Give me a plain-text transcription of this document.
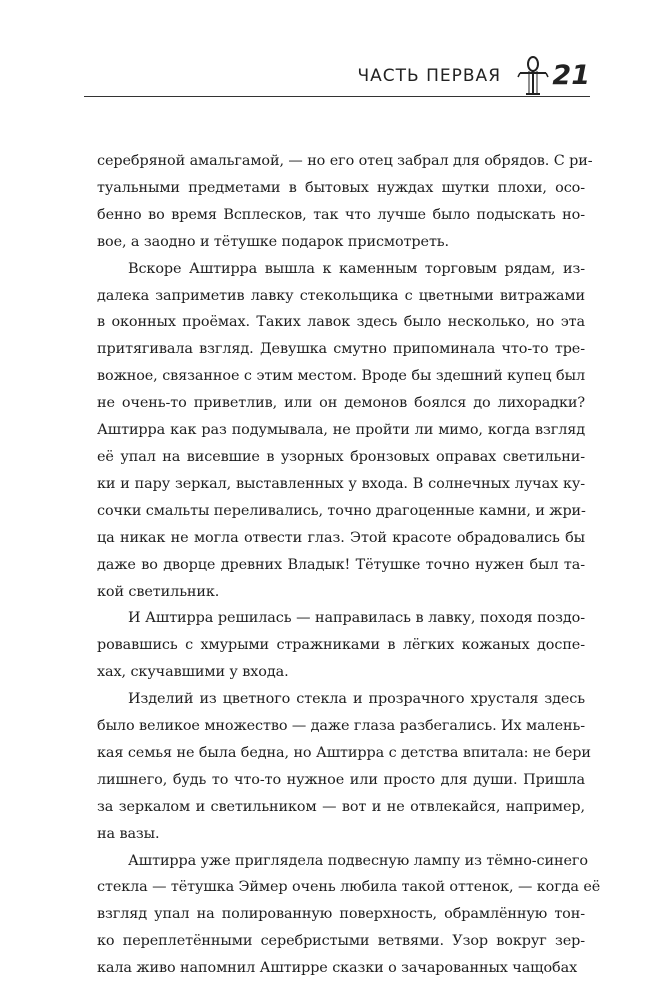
ЧАСТЬ ПЕРВАЯ 21

серебряной амальгамой, — но его отец забрал для обрядов. С ри-
туальными предметами в бытовых нуждах шутки плохи, осо-
бенно во время Всплесков, так что лучше было подыскать но-
вое, а заодно и тётушке подарок присмотреть.

Вскоре Аштирра вышла к каменным торговым рядам, из-
далека заприметив лавку стекольщика с цветными витражами
в оконных проёмах. Таких лавок здесь было несколько, но эта
притягивала взгляд. Девушка смутно припоминала что-то тре-
вожное, связанное с этим местом. Вроде бы здешний купец был
не очень-то приветлив, или он демонов боялся до лихорадки?
Аштирра как раз подумывала, не пройти ли мимо, когда взгляд
её упал на висевшие в узорных бронзовых оправах светильни-
ки и пару зеркал, выставленных у входа. В солнечных лучах ку-
сочки смальты переливались, точно драгоценные камни, и жри-
ца никак не могла отвести глаз. Этой красоте обрадовались бы
даже во дворце древних Владык! Тётушке точно нужен был та-
кой светильник.

И Аштирра решилась — направилась в лавку, походя поздо-
ровавшись с хмурыми стражниками в лёгких кожаных доспе-
хах, скучавшими у входа.

Изделий из цветного стекла и прозрачного хрусталя здесь
было великое множество — даже глаза разбегались. Их малень-
кая семья не была бедна, но Аштирра с детства впитала: не бери
лишнего, будь то что-то нужное или просто для души. Пришла
за зеркалом и светильником — вот и не отвлекайся, например,
на вазы.

Аштирра уже приглядела подвесную лампу из тёмно-синего
стекла — тётушка Эймер очень любила такой оттенок, — когда её
взгляд упал на полированную поверхность, обрамлённую тон-
ко переплетёнными серебристыми ветвями. Узор вокруг зер-
кала живо напомнил Аштирре сказки о зачарованных чащобах
